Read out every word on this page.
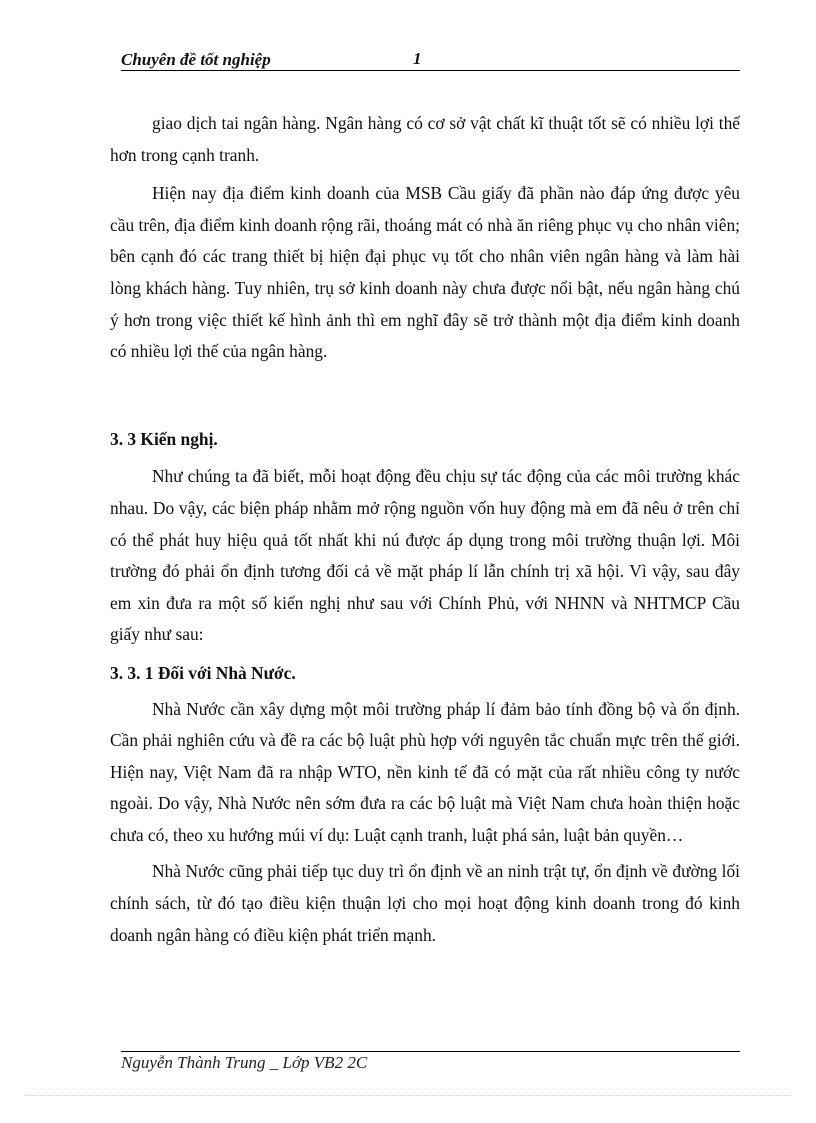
Chuyên đề tốt nghiệp	1

giao dịch tai ngân hàng. Ngân hàng có cơ sở vật chất kĩ thuật tốt sẽ có nhiều lợi thế hơn trong cạnh tranh.

Hiện nay địa điểm kinh doanh của MSB Cầu giấy đã phần nào đáp ứng được yêu cầu trên, địa điểm kinh doanh rộng rãi, thoáng mát có nhà ăn riêng phục vụ cho nhân viên; bên cạnh đó các trang thiết bị hiện đại phục vụ tốt cho nhân viên ngân hàng và làm hài lòng khách hàng. Tuy nhiên, trụ sở kinh doanh này chưa được nổi bật, nếu ngân hàng chú ý hơn trong việc thiết kế hình ảnh thì em nghĩ đây sẽ trở thành một địa điểm kinh doanh có nhiều lợi thế của ngân hàng.

3. 3 Kiến nghị.

Như chúng ta đã biết, mỗi hoạt động đều chịu sự tác động của các môi trường khác nhau. Do vậy, các biện pháp nhằm mở rộng nguồn vốn huy động mà em đã nêu ở trên chỉ có thể phát huy hiệu quả tốt nhất khi nú được áp dụng trong môi trường thuận lợi. Môi trường đó phải ổn định tương đối cả về mặt pháp lí lẫn chính trị xã hội. Vì vậy, sau đây em xin đưa ra một số kiến nghị như sau với Chính Phủ, với NHNN và NHTMCP Cầu giấy như sau:

3. 3. 1 Đối với Nhà Nước.

Nhà Nước cần xây dựng một môi trường pháp lí đảm bảo tính đồng bộ và ổn định. Cần phải nghiên cứu và đề ra các bộ luật phù hợp với nguyên tắc chuẩn mực trên thế giới. Hiện nay, Việt Nam đã ra nhập WTO, nền kinh tế đã có mặt của rất nhiều công ty nước ngoài. Do vậy, Nhà Nước nên sớm đưa ra các bộ luật mà Việt Nam chưa hoàn thiện hoặc chưa có, theo xu hướng múi ví dụ: Luật cạnh tranh, luật phá sản, luật bản quyền…

Nhà Nước cũng phải tiếp tục duy trì ổn định về an ninh trật tự, ổn định về đường lối chính sách, từ đó tạo điều kiện thuận lợi cho mọi hoạt động kinh doanh trong đó kinh doanh ngân hàng có điều kiện phát triển mạnh.

Nguyễn Thành Trung _ Lớp VB2 2C
